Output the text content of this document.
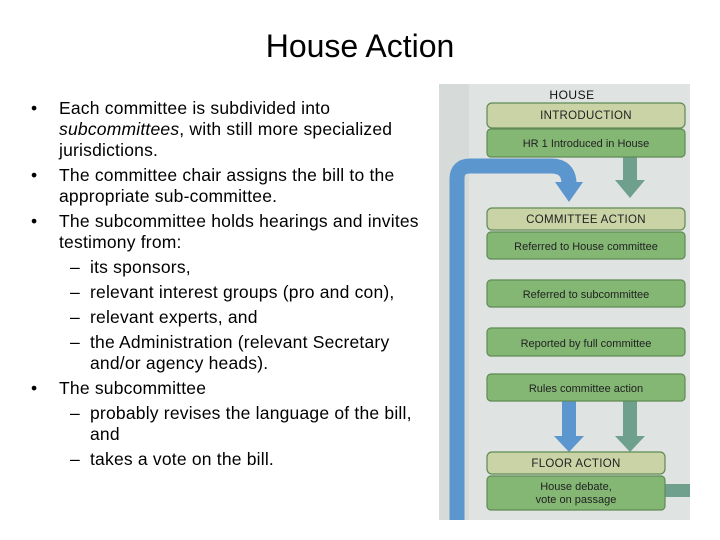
House Action
• Each committee is subdivided into subcommittees, with still more specialized jurisdictions.
• The committee chair assigns the bill to the appropriate sub-committee.
• The subcommittee holds hearings and invites testimony from:
– its sponsors,
– relevant interest groups (pro and con),
– relevant experts, and
– the Administration (relevant Secretary and/or agency heads).
• The subcommittee
– probably revises the language of the bill, and
– takes a vote on the bill.
HOUSE
INTRODUCTION
HR 1 Introduced in House
COMMITTEE ACTION
Referred to House committee
Referred to subcommittee
Reported by full committee
Rules committee action
FLOOR ACTION
House debate,
vote on passage
